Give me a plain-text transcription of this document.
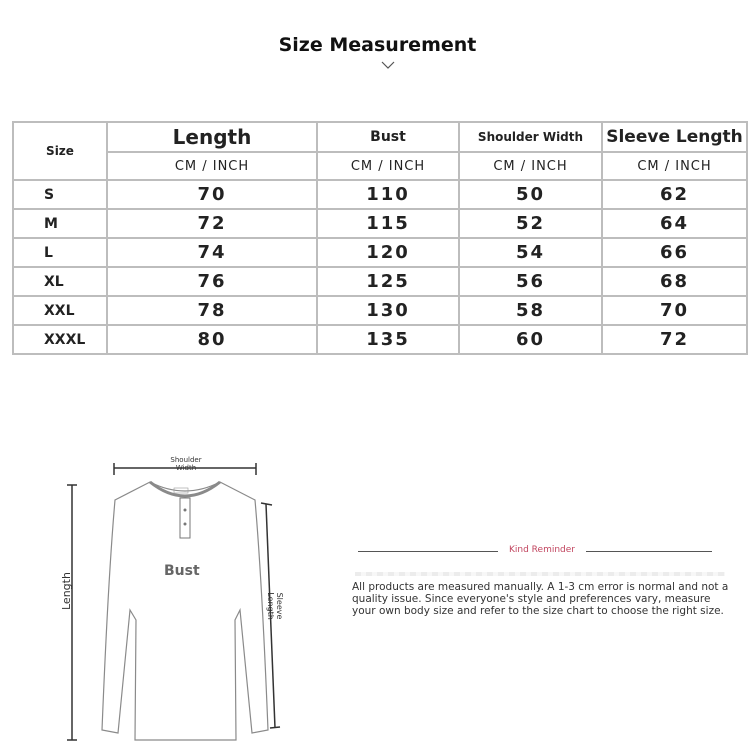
Size Measurement
Size	Length	Bust	Shoulder Width	Sleeve Length
	CM / INCH	CM / INCH	CM / INCH	CM / INCH
S	70	110	50	62
M	72	115	52	64
L	74	120	54	66
XL	76	125	56	68
XXL	78	130	58	70
XXXL	80	135	60	72
Shoulder
Width
Bust
Length	Sleeve
Length
Kind Reminder
All products are measured manually. A 1-3 cm error is normal and not a quality issue. Since everyone's style and preferences vary, measure your own body size and refer to the size chart to choose the right size.
